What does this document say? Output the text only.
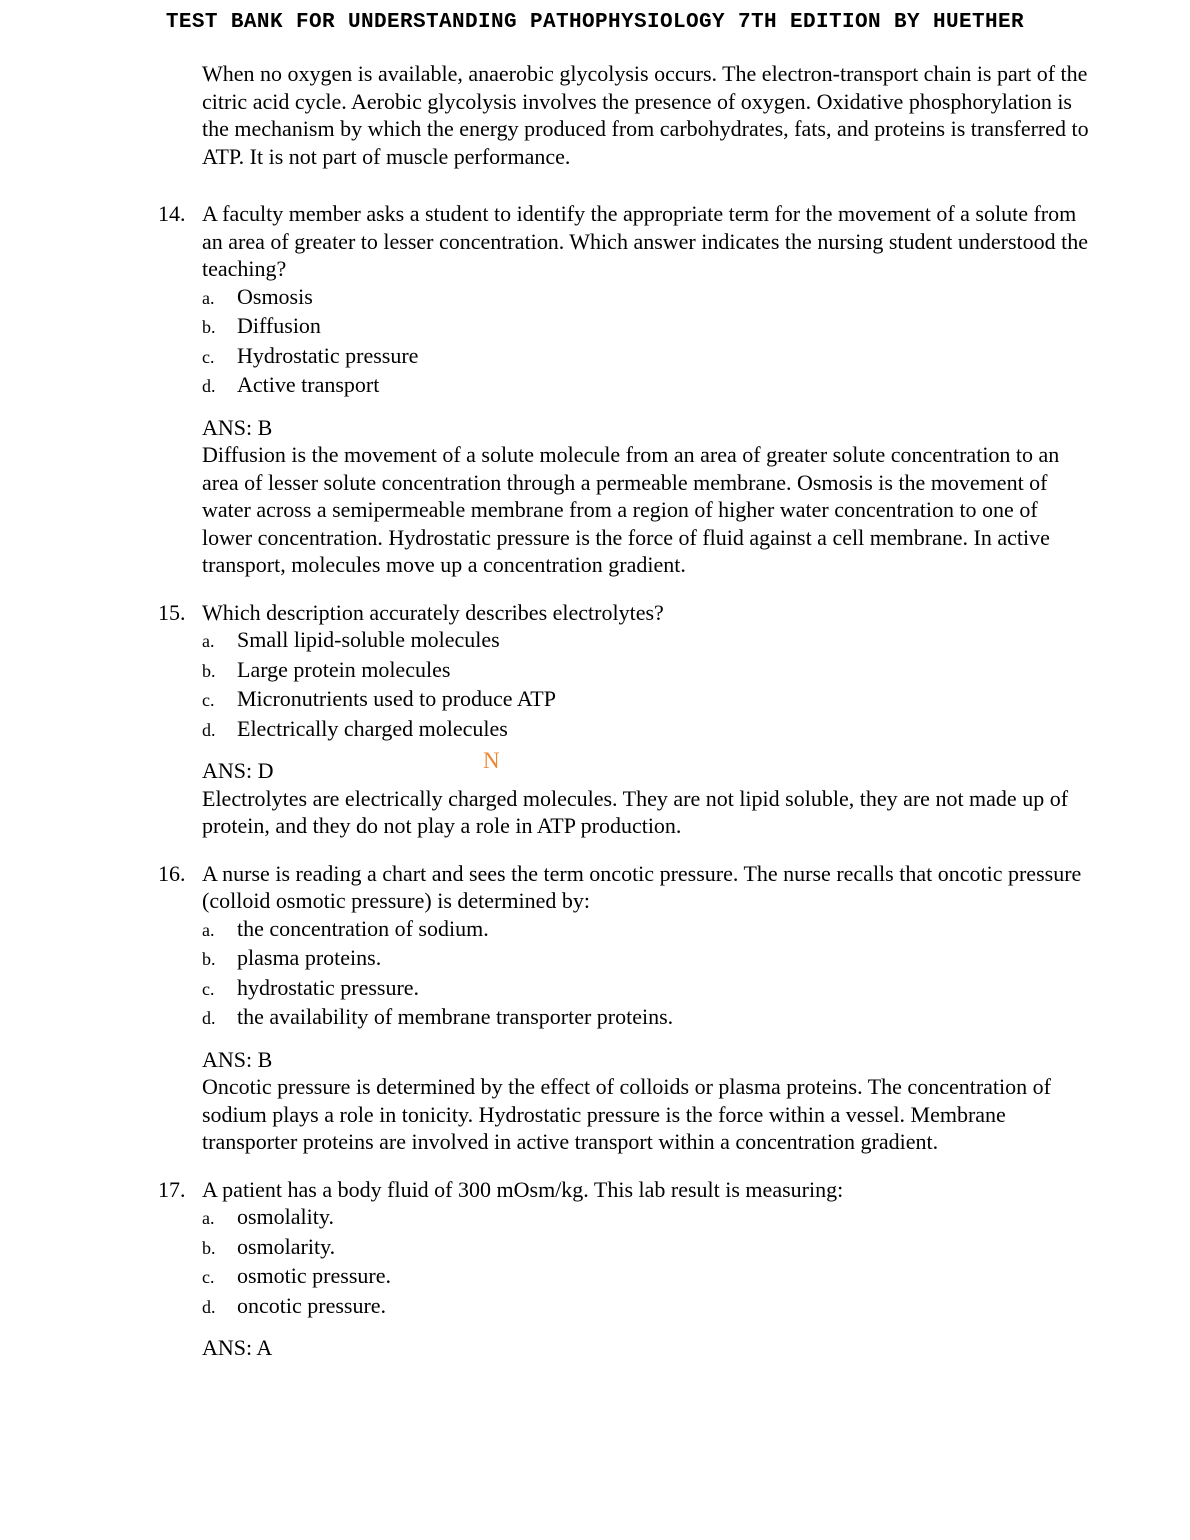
TEST BANK FOR UNDERSTANDING PATHOPHYSIOLOGY 7TH EDITION BY HUETHER
When no oxygen is available, anaerobic glycolysis occurs. The electron-transport chain is part of the citric acid cycle. Aerobic glycolysis involves the presence of oxygen. Oxidative phosphorylation is the mechanism by which the energy produced from carbohydrates, fats, and proteins is transferred to ATP. It is not part of muscle performance.
14. A faculty member asks a student to identify the appropriate term for the movement of a solute from an area of greater to lesser concentration. Which answer indicates the nursing student understood the teaching?
a.	Osmosis
b. Diffusion
c.	Hydrostatic pressure
d. Active transport
ANS: B
Diffusion is the movement of a solute molecule from an area of greater solute concentration to an area of lesser solute concentration through a permeable membrane. Osmosis is the movement of water across a semipermeable membrane from a region of higher water concentration to one of lower concentration. Hydrostatic pressure is the force of fluid against a cell membrane. In active transport, molecules move up a concentration gradient.
15. Which description accurately describes electrolytes?
a.	Small lipid-soluble molecules
b. Large protein molecules
c.	Micronutrients used to produce ATP
d. Electrically charged molecules
ANS: D
Electrolytes are electrically charged molecules. They are not lipid soluble, they are not made up of protein, and they do not play a role in ATP production.
16. A nurse is reading a chart and sees the term oncotic pressure. The nurse recalls that oncotic pressure (colloid osmotic pressure) is determined by:
a.	the concentration of sodium.
b. plasma proteins.
c.	hydrostatic pressure.
d. the availability of membrane transporter proteins.
ANS: B
Oncotic pressure is determined by the effect of colloids or plasma proteins. The concentration of sodium plays a role in tonicity. Hydrostatic pressure is the force within a vessel. Membrane transporter proteins are involved in active transport within a concentration gradient.
17. A patient has a body fluid of 300 mOsm/kg. This lab result is measuring:
a.	osmolality.
b. osmolarity.
c.	osmotic pressure.
d. oncotic pressure.
ANS: A
N
